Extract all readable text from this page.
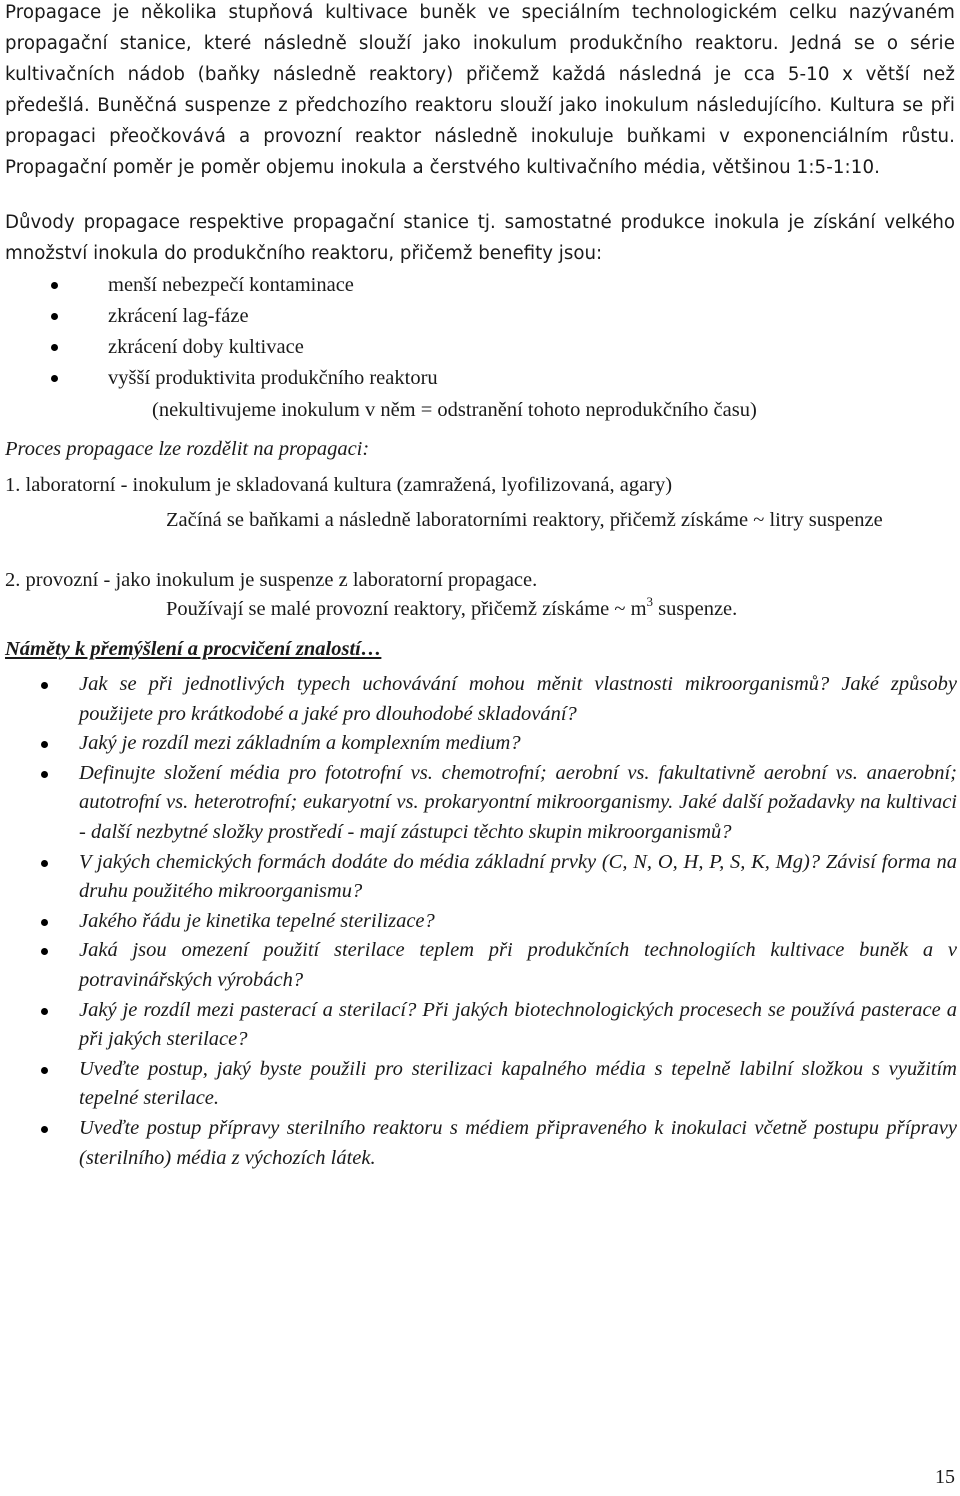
Propagace je několika stupňová kultivace buněk ve speciálním technologickém celku nazývaném propagační stanice, které následně slouží jako inokulum produkčního reaktoru. Jedná se o série kultivačních nádob (baňky následně reaktory) přičemž každá následná je cca 5-10 x větší než předešlá. Buněčná suspenze z předchozího reaktoru slouží jako inokulum následujícího. Kultura se při propagaci přeočkovává a provozní reaktor následně inokuluje buňkami v exponenciálním růstu. Propagační poměr je poměr objemu inokula a čerstvého kultivačního média, většinou 1:5-1:10.
Důvody propagace respektive propagační stanice tj. samostatné produkce inokula je získání velkého množství inokula do produkčního reaktoru, přičemž benefity jsou:
menší nebezpečí kontaminace
zkrácení lag-fáze
zkrácení doby kultivace
vyšší produktivita produkčního reaktoru
(nekultivujeme inokulum v něm = odstranění tohoto neprodukčního času)
Proces propagace lze rozdělit na propagaci:
1. laboratorní - inokulum je skladovaná kultura (zamražená, lyofilizovaná, agary)
Začíná se baňkami a následně laboratorními reaktory, přičemž získáme ~ litry suspenze
2. provozní - jako inokulum je suspenze z laboratorní propagace.
Používají se malé provozní reaktory, přičemž získáme ~ $m^3$ suspenze.
Náměty k přemýšlení a procvičení znalostí…
Jak se při jednotlivých typech uchovávání mohou měnit vlastnosti mikroorganismů? Jaké způsoby použijete pro krátkodobé a jaké pro dlouhodobé skladování?
Jaký je rozdíl mezi základním a komplexním medium?
Definujte složení média pro fototrofní vs. chemotrofní; aerobní vs. fakultativně aerobní vs. anaerobní; autotrofní vs. heterotrofní; eukaryotní vs. prokaryontní mikroorganismy. Jaké další požadavky na kultivaci - další nezbytné složky prostředí - mají zástupci těchto skupin mikroorganismů?
V jakých chemických formách dodáte do média základní prvky (C, N, O, H, P, S, K, Mg)? Závisí forma na druhu použitého mikroorganismu?
Jakého řádu je kinetika tepelné sterilizace?
Jaká jsou omezení použití sterilace teplem při produkčních technologiích kultivace buněk a v potravinářských výrobách?
Jaký je rozdíl mezi pasterací a sterilací? Při jakých biotechnologických procesech se používá pasterace a při jakých sterilace?
Uveďte postup, jaký byste použili pro sterilizaci kapalného média s tepelně labilní složkou s využitím tepelné sterilace.
Uveďte postup přípravy sterilního reaktoru s médiem připraveného k inokulaci včetně postupu přípravy (sterilního) média z výchozích látek.
15
